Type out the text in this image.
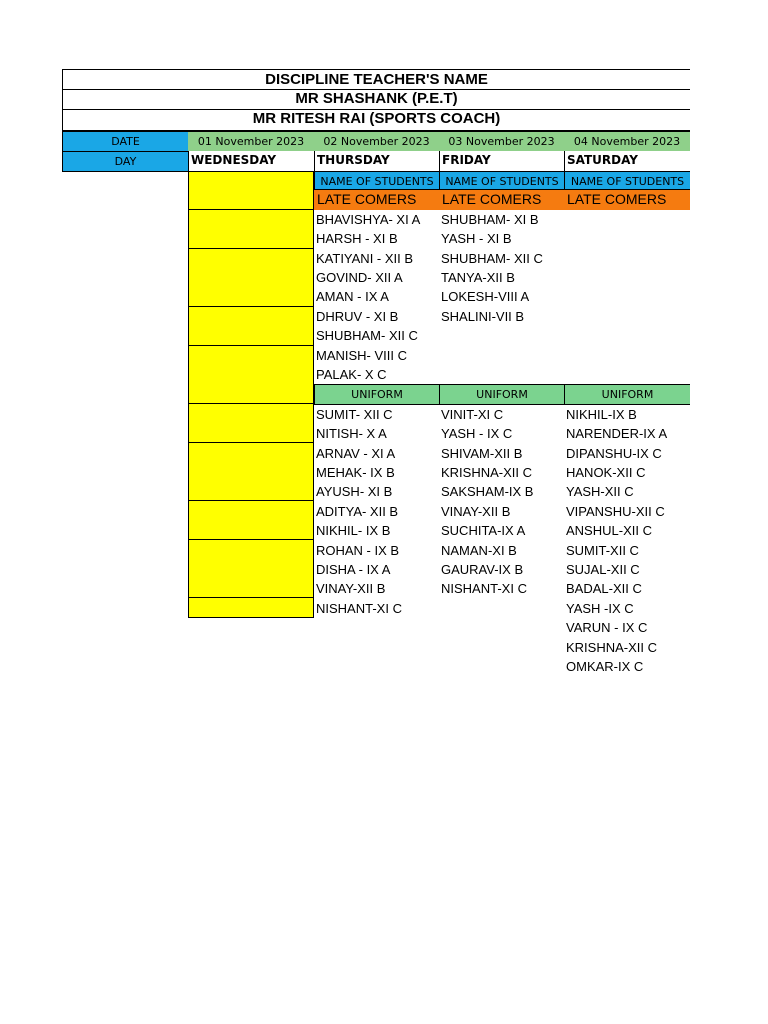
DISCIPLINE TEACHER'S NAME
MR SHASHANK (P.E.T)
MR RITESH RAI (SPORTS COACH)
DATE
DAY
01 November 2023
WEDNESDAY
02 November 2023
THURSDAY
NAME OF STUDENTS
LATE COMERS
BHAVISHYA- XI A
HARSH - XI B
KATIYANI - XII B
GOVIND- XII A
AMAN - IX A
DHRUV - XI B
SHUBHAM- XII C
MANISH- VIII C
PALAK- X C
UNIFORM
SUMIT- XII C
NITISH- X A
ARNAV - XI A
MEHAK- IX B
AYUSH- XI B
ADITYA- XII B
NIKHIL- IX B
ROHAN - IX B
DISHA - IX A
VINAY-XII B
NISHANT-XI C
03 November 2023
FRIDAY
NAME OF STUDENTS
LATE COMERS
SHUBHAM- XI B
YASH - XI B
SHUBHAM- XII C
TANYA-XII B
LOKESH-VIII A
SHALINI-VII B
UNIFORM
VINIT-XI C
YASH - IX C
SHIVAM-XII B
KRISHNA-XII C
SAKSHAM-IX B
VINAY-XII B
SUCHITA-IX A
NAMAN-XI B
GAURAV-IX B
NISHANT-XI C
04 November 2023
SATURDAY
NAME OF STUDENTS
LATE COMERS
UNIFORM
NIKHIL-IX B
NARENDER-IX A
DIPANSHU-IX C
HANOK-XII C
YASH-XII C
VIPANSHU-XII C
ANSHUL-XII C
SUMIT-XII C
SUJAL-XII C
BADAL-XII C
YASH -IX C
VARUN - IX C
KRISHNA-XII C
OMKAR-IX C
